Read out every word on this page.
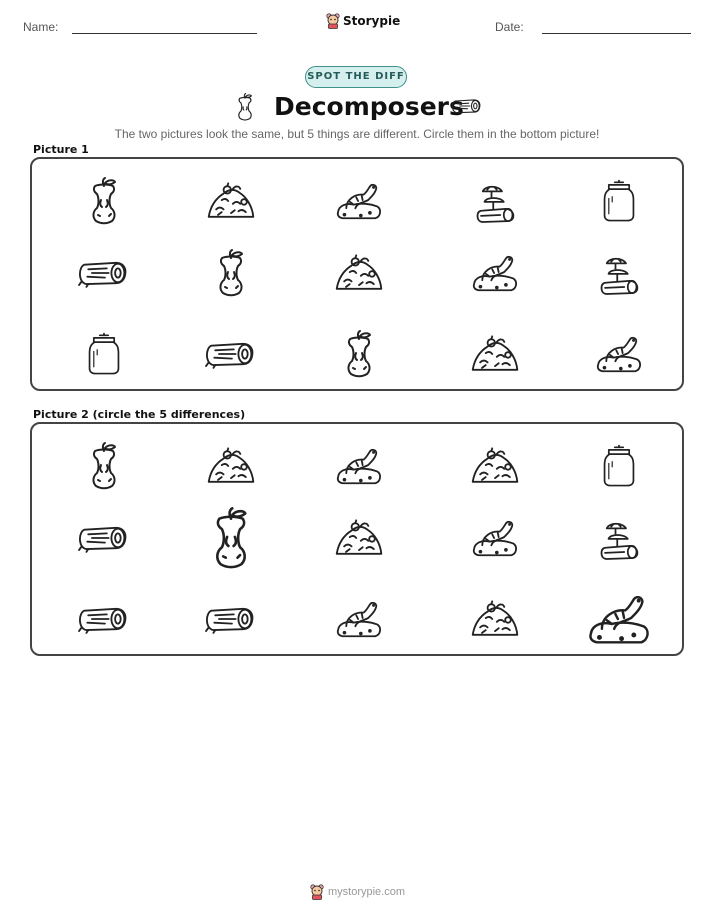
Name:	Storypie	Date:
SPOT THE DIFF
Decomposers
The two pictures look the same, but 5 things are different. Circle them in the bottom picture!
Picture 1
Picture 2 (circle the 5 differences)
mystorypie.com
